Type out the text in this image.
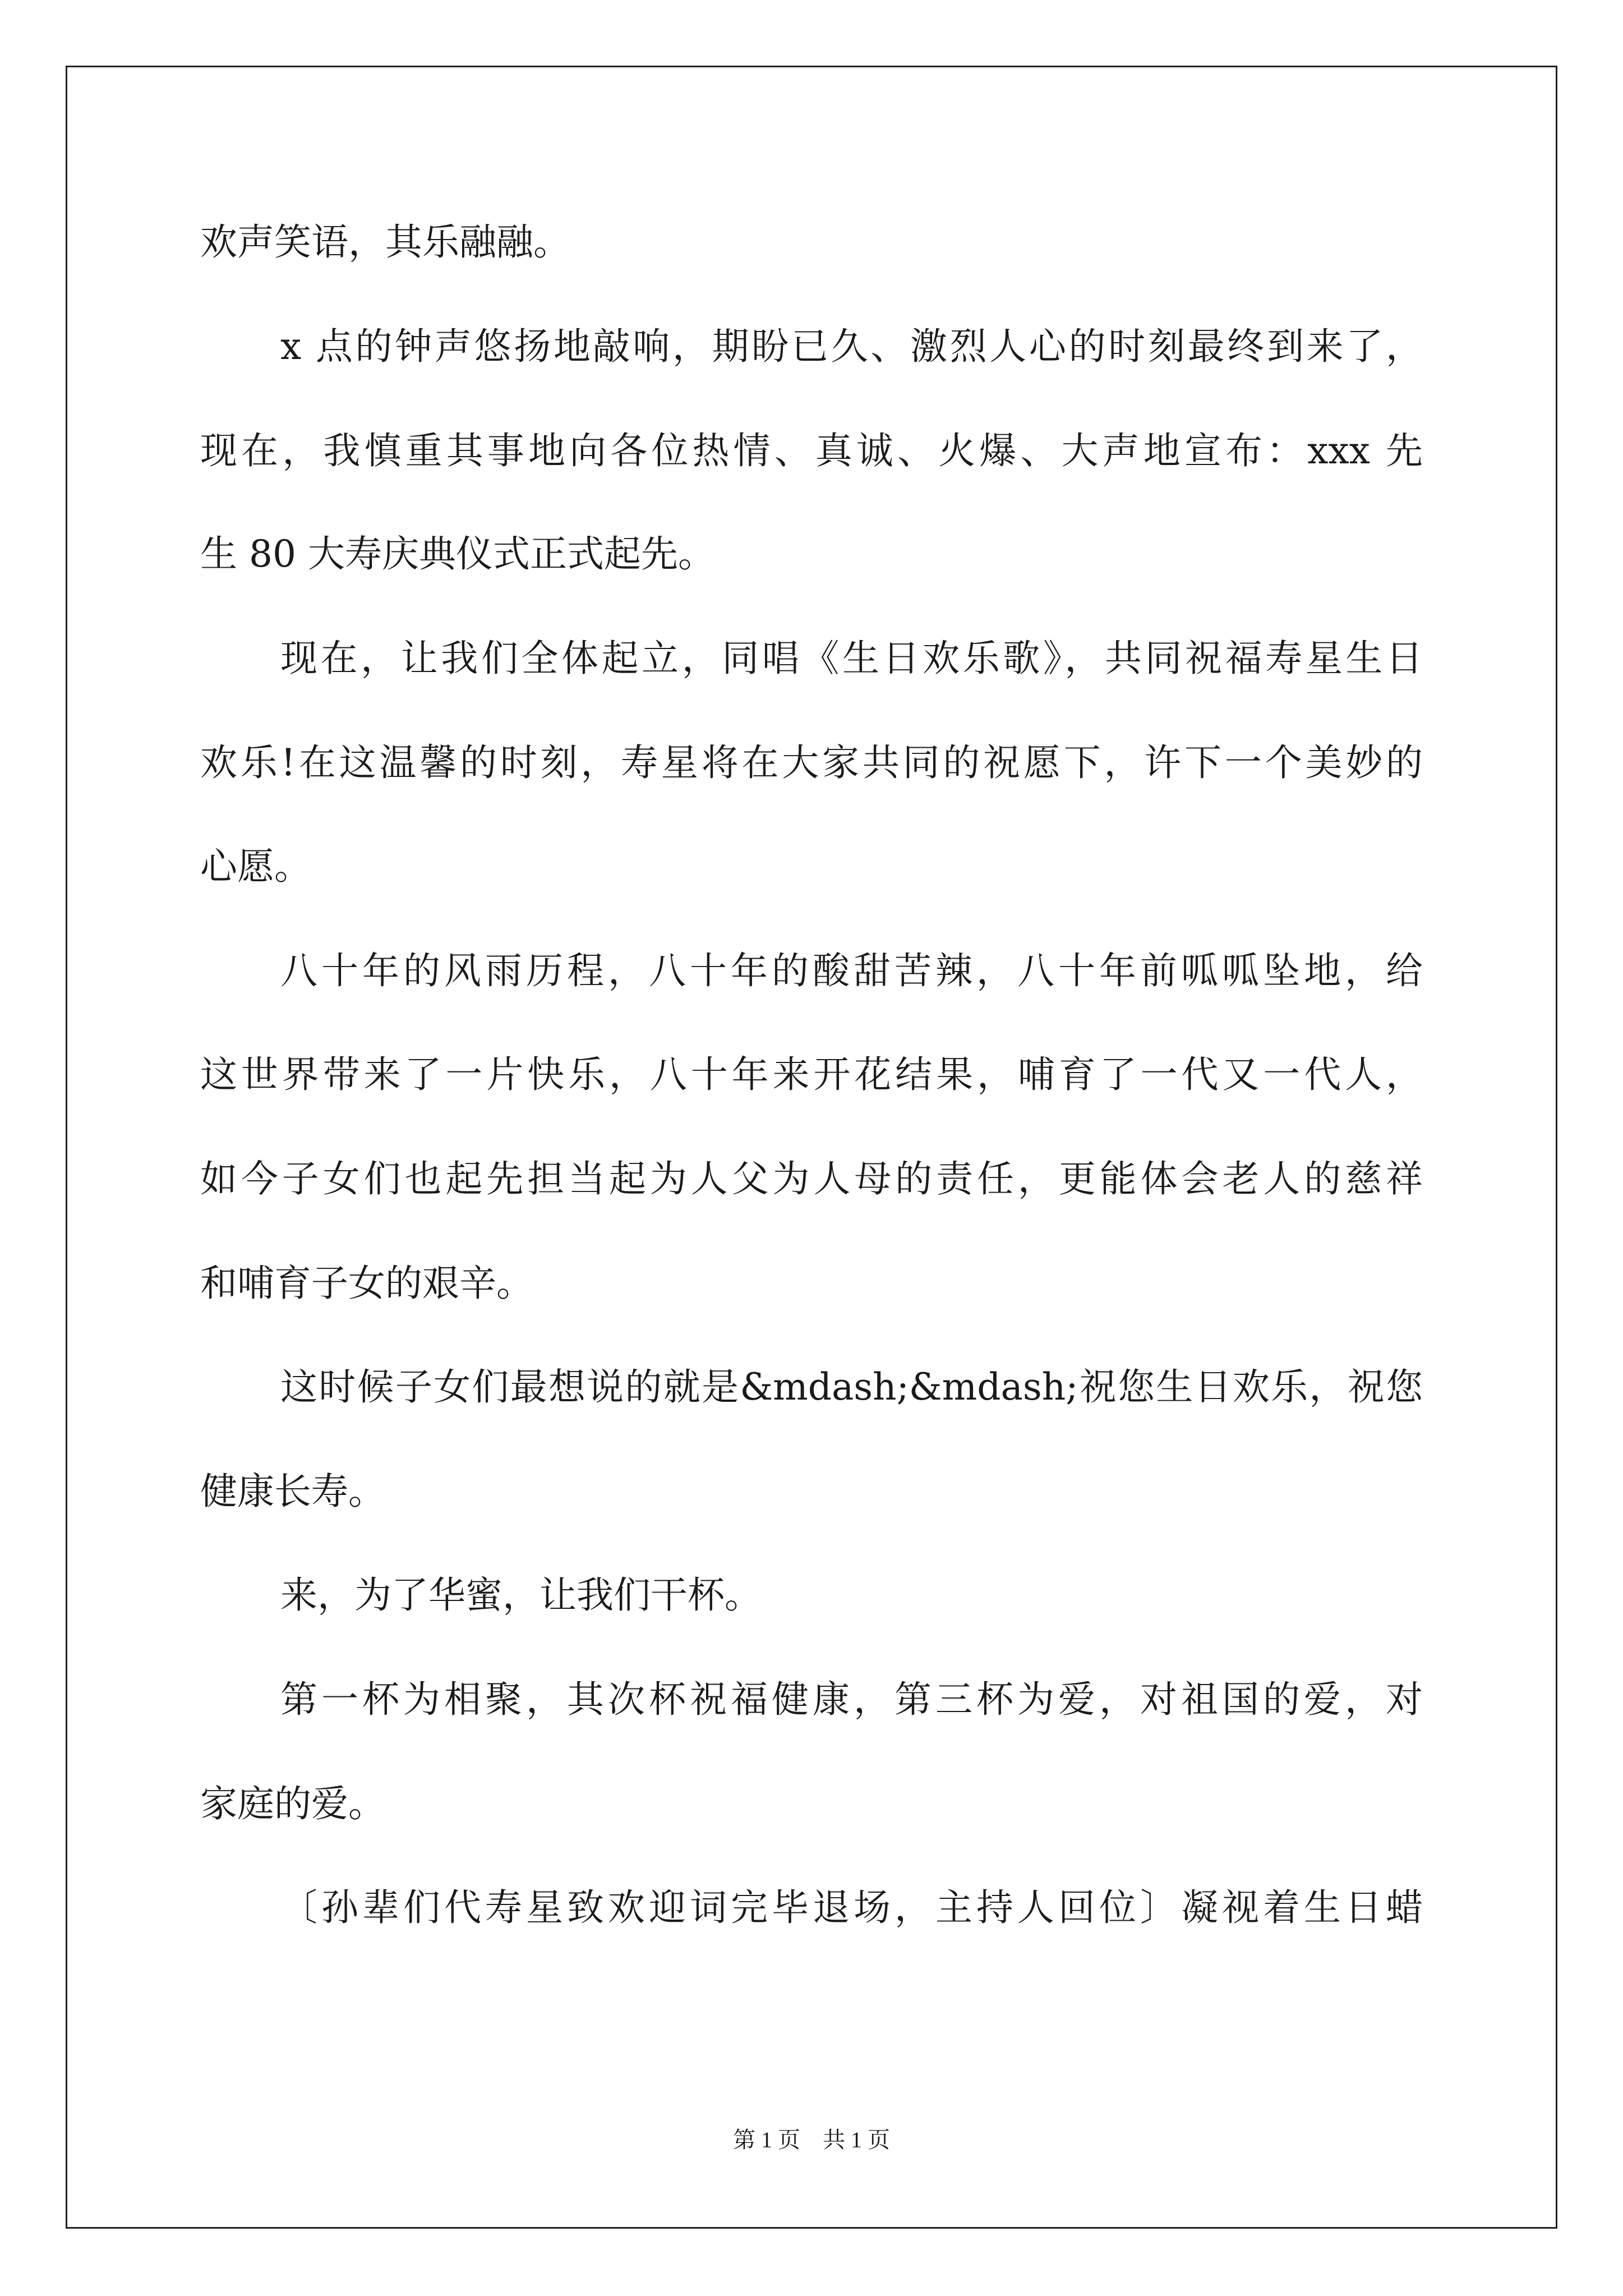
欢声笑语，其乐融融。
x 点的钟声悠扬地敲响，期盼已久、激烈人心的时刻最终到来了，
现在，我慎重其事地向各位热情、真诚、火爆、大声地宣布：xxx 先
生 80 大寿庆典仪式正式起先。
现在，让我们全体起立，同唱《生日欢乐歌》，共同祝福寿星生日
欢乐!在这温馨的时刻，寿星将在大家共同的祝愿下，许下一个美妙的
心愿。
八十年的风雨历程，八十年的酸甜苦辣，八十年前呱呱坠地，给
这世界带来了一片快乐，八十年来开花结果，哺育了一代又一代人，
如今子女们也起先担当起为人父为人母的责任，更能体会老人的慈祥
和哺育子女的艰辛。
这时候子女们最想说的就是&mdash;&mdash;祝您生日欢乐，祝您
健康长寿。
来，为了华蜜，让我们干杯。
第一杯为相聚，其次杯祝福健康，第三杯为爱，对祖国的爱，对
家庭的爱。
〔孙辈们代寿星致欢迎词完毕退场，主持人回位〕凝视着生日蜡
第 1 页　共 1 页
